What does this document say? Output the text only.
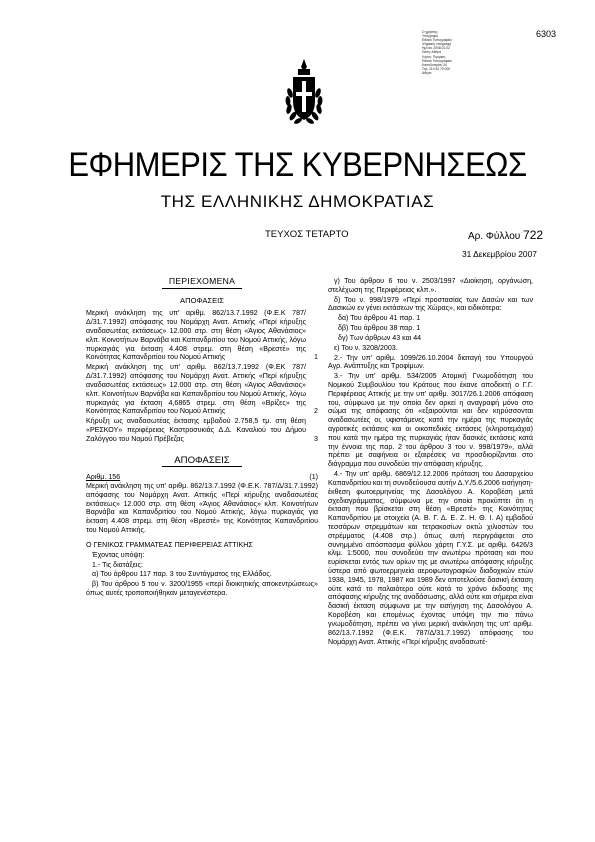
6303
Ο χρήστης
Υπογραφή
Εθνικό Τυπογραφείο
Ψηφιακή υπογραφή
Ημ/νία: 2008.01.02
Θέση: Αθήνα
Λόγος: Έγκριση
Εθνικό Τυπογραφείο
Καποδιστρίου 34
Τηλ: 210 52 79 000
Αθήνα
ΕΦΗΜΕΡΙΣ ΤΗΣ ΚΥΒΕΡΝΗΣΕΩΣ
ΤΗΣ ΕΛΛΗΝΙΚΗΣ ΔΗΜΟΚΡΑΤΙΑΣ
ΤΕΥΧΟΣ ΤΕΤΑΡΤΟ	Αρ. Φύλλου 722
31 Δεκεμβρίου 2007
ΠΕΡΙΕΧΟΜΕΝΑ
ΑΠΟΦΑΣΕΙΣ
Μερική ανάκληση της υπ' αριθμ. 862/13.7.1992 (Φ.Ε.Κ 787/Δ/31.7.1992) απόφασης του Νομάρχη Ανατ. Αττικής «Περί κήρυξης αναδασωτέας εκτάσεως» 12.000 στρ. στη θέση «Άγιος Αθανάσιος» κλπ. Κοινοτήτων Βαρνάβα και Καπανδριτίου του Νομού Αττικής, λόγω πυρκαγιάς για έκταση 4.408 στρεμ. στη θέση «Βρεστέ» της Κοινότητας Καπανδριτίου του Νομού Αττικής	1
Μερική ανάκληση της υπ' αριθμ. 862/13.7.1992 (Φ.ΕΚ 787/Δ/31.7.1992) απόφασης του Νομάρχη Ανατ. Αττικής «Περί κήρυξης αναδασωτέας εκτάσεως» 12.000 στρ. στη θέση «Άγιος Αθανάσιος» κλπ. Κοινοτήτων Βαρνάβα και Καπανδριτίου του Νομού Αττικής, λόγω πυρκαγιάς για έκταση 4,6865 στρεμ. στη θέση «Βρίζες» της Κοινότητας Καπανδριτίου του Νομού Αττικής	2
Κήρυξη ως αναδασωτέας έκτασης εμβαδού 2.758,5 τμ. στη θέση «ΡΕΣΚΟΥ» περιφέρειας Καστρoσυκιάς Δ.Δ. Καναλιού του Δήμου Ζαλόγγου του Νομού Πρέβεζας	3
ΑΠΟΦΑΣΕΙΣ
Αριθμ. 156	(1)

Μερική ανάκληση της υπ' αριθμ. 862/13.7.1992 (Φ.Ε.Κ. 787/Δ/31.7.1992) απόφασης του Νομάρχη Ανατ. Αττικής «Περί κήρυξης αναδασωτέας εκτάσεως» 12.000 στρ. στη θέση «Άγιος Αθανάσιος» κλπ. Κοινοτήτων Βαρνάβα και Καπανδριτίου του Νομού Αττικής, λόγω πυρκαγιάς για έκταση 4.408 στρεμ. στη θέση «Βρεστέ» της Κοινότητας Καπανδριτίου του Νομού Αττικής.

Ο ΓΕΝΙΚΟΣ ΓΡΑΜΜΑΤΕΑΣ ΠΕΡΙΦΕΡΕΙΑΣ ΑΤΤΙΚΗΣ

Έχοντας υπόψη:

1.- Τις διατάξεις:

α) Του άρθρου 117 παρ. 3 του Συντάγματος της Ελλάδος.

β) Του άρθρου 5 του ν. 3200/1955 «περί διοικητικής αποκεντρώσεως» όπως αυτές τροποποιήθηκαν μεταγενέστερα.

γ) Του άρθρου 6 του ν. 2503/1997 «Διοίκηση, οργάνωση, στελέχωση της Περιφέρειας κλπ.».

δ) Του ν. 998/1979 «Περί προστασίας των Δασών και των Δασικών εν γένει εκτάσεων της Χώρας», και ειδικότερα:

δα) Του άρθρου 41 παρ. 1

δβ) Του άρθρου 38 παρ. 1

δγ) Των άρθρων 43 και 44

ε) Του ν. 3208/2003.

2.- Την υπ' αριθμ. 1099/26.10.2004 διαταγή του Υπουργού Αγρ. Ανάπτυξης και Τροφίμων.

3.- Την υπ' αριθμ. 534/2005 Ατομική Γνωμοδότηση του Νομικού Συμβουλίου του Κράτους που έκανε αποδεκτή ο Γ.Γ. Περιφέρειας Αττικής με την υπ' αριθμ. 3017/26.1.2006 απόφαση του, σύμφωνα με την οποία δεν αρκεί η αναγραφή μόνο στο σώμα της απόφασης ότι «εξαιρούνται και δεν κηρύσσονται αναδασωτέες οι, υφιστάμενες κατά την ημέρα της πυρκαγιάς αγροτικές εκτάσεις και οι οικοπεδικές εκτάσεις (κληροτεμάχια) που κατά την ημέρα της πυρκαγιάς ήταν δασικές εκτάσεις κατά την έννοια της παρ. 2 του άρθρου 3 του ν. 998/1979», αλλά πρέπει με σαφήνεια οι εξαιρέσεις να προσδιορίζονται στο διάγραμμα που συνοδεύει την απόφαση κήρυξης.

4.- Την υπ' αριθμ. 6869/12.12.2006 πρόταση του Δασαρχείου Καπανδριτίου και τη συνοδεύουσα αυτήν Δ.Υ./5.6.2006 εισήγηση-έκθεση φωτοερμηνείας της Δασολόγου Α. Κοροβέση μετά σχεδιαγράμματος, σύμφωνα με την οποία προκύπτει ότι η έκταση που βρίσκεται στη θέση «Βρεστέ» της Κοινότητας Καπανδριτίου με στοιχεία (Α. Β. Γ. Δ. Ε. Ζ. Η. Θ. Ι. Α) εμβαδού τεσσάρων στρεμμάτων και τετρακοσίων οκτώ χιλιοστών του στρέμματος (4.408 στρ.) όπως αυτή περιγράφεται στο συνημμένο απόσπασμα φύλλου χάρτη Γ.Υ.Σ. με αριθμ. 6426/3 κλιμ. 1:5000, που συνοδεύει την ανωτέρω πρόταση και που ευρίσκεται εντός των ορίων της με ανωτέρω απόφασης κήρυξης ύστερα από φωτοερμηνεία αεροφωτογραφιών διαδοχικών ετών 1938, 1945, 1978, 1987 και 1989 δεν αποτελούσε δασική έκταση ούτε κατά το παλαιότερο ούτε κατά το χρόνο έκδοσης της απόφασης κήρυξης της αναδάσωσης, αλλά ούτε και σήμερα είναι δασική έκταση σύμφωνα με την εισήγηση της Δασολόγου Α. Κοροβέση και επομένως έχοντας υπόψη την πιο πάνω γνωμοδότηση, πρέπει να γίνει μερική ανάκληση της υπ' αριθμ. 862/13.7.1992 (Φ.Ε.Κ. 787/Δ/31.7.1992) απόφασης του Νομάρχη Ανατ. Αττικής «Περί κήρυξης αναδασωτέ-
